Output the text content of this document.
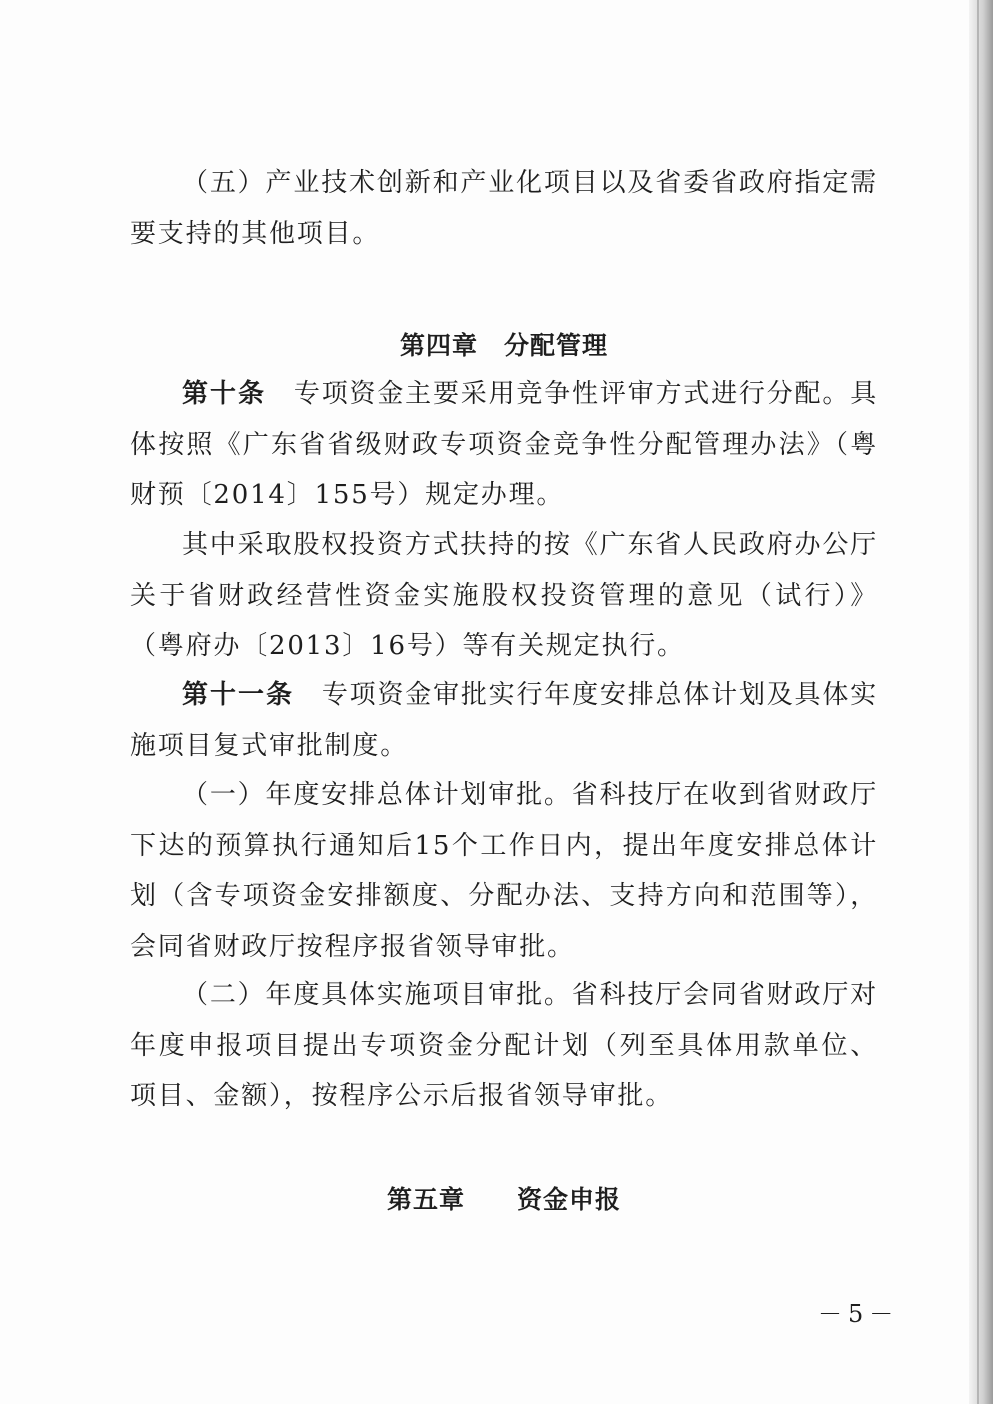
（五）产业技术创新和产业化项目以及省委省政府指定需要支持的其他项目。

第四章　分配管理

第十条　专项资金主要采用竞争性评审方式进行分配。具体按照《广东省省级财政专项资金竞争性分配管理办法》（粤财预〔2014〕155号）规定办理。

其中采取股权投资方式扶持的按《广东省人民政府办公厅关于省财政经营性资金实施股权投资管理的意见（试行）》（粤府办〔2013〕16号）等有关规定执行。

第十一条　专项资金审批实行年度安排总体计划及具体实施项目复式审批制度。

（一）年度安排总体计划审批。省科技厅在收到省财政厅下达的预算执行通知后15个工作日内，提出年度安排总体计划（含专项资金安排额度、分配办法、支持方向和范围等），会同省财政厅按程序报省领导审批。

（二）年度具体实施项目审批。省科技厅会同省财政厅对年度申报项目提出专项资金分配计划（列至具体用款单位、项目、金额），按程序公示后报省领导审批。

第五章　　资金申报
－5－
